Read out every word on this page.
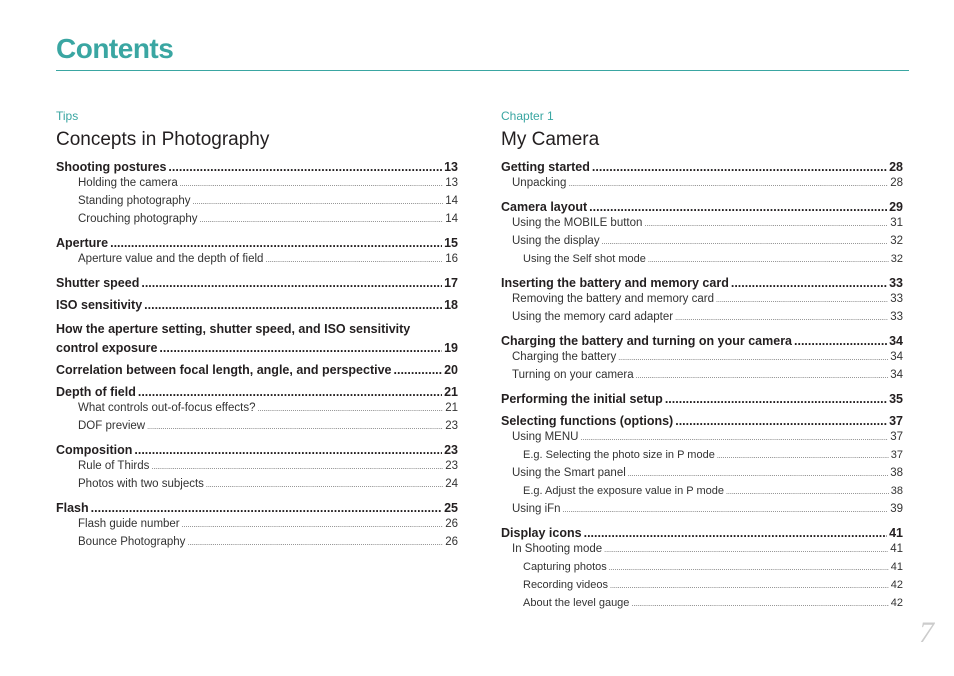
Contents
Tips
Concepts in Photography
Shooting postures .....	13
Holding the camera .....	13
Standing photography .....	14
Crouching photography .....	14
Aperture .....	15
Aperture value and the depth of field .....	16
Shutter speed .....	17
ISO sensitivity .....	18
How the aperture setting, shutter speed, and ISO sensitivity
control exposure .....	19
Correlation between focal length, angle, and perspective .....	20
Depth of field .....	21
What controls out-of-focus effects? .....	21
DOF preview .....	23
Composition .....	23
Rule of Thirds .....	23
Photos with two subjects .....	24
Flash .....	25
Flash guide number .....	26
Bounce Photography .....	26
Chapter 1
My Camera
Getting started .....	28
Unpacking .....	28
Camera layout .....	29
Using the MOBILE button .....	31
Using the display .....	32
Using the Self shot mode .....	32
Inserting the battery and memory card .....	33
Removing the battery and memory card .....	33
Using the memory card adapter .....	33
Charging the battery and turning on your camera .....	34
Charging the battery .....	34
Turning on your camera .....	34
Performing the initial setup .....	35
Selecting functions (options) .....	37
Using MENU .....	37
E.g. Selecting the photo size in P mode .....	37
Using the Smart panel .....	38
E.g. Adjust the exposure value in P mode .....	38
Using iFn .....	39
Display icons .....	41
In Shooting mode .....	41
Capturing photos .....	41
Recording videos .....	42
About the level gauge .....	42
7
